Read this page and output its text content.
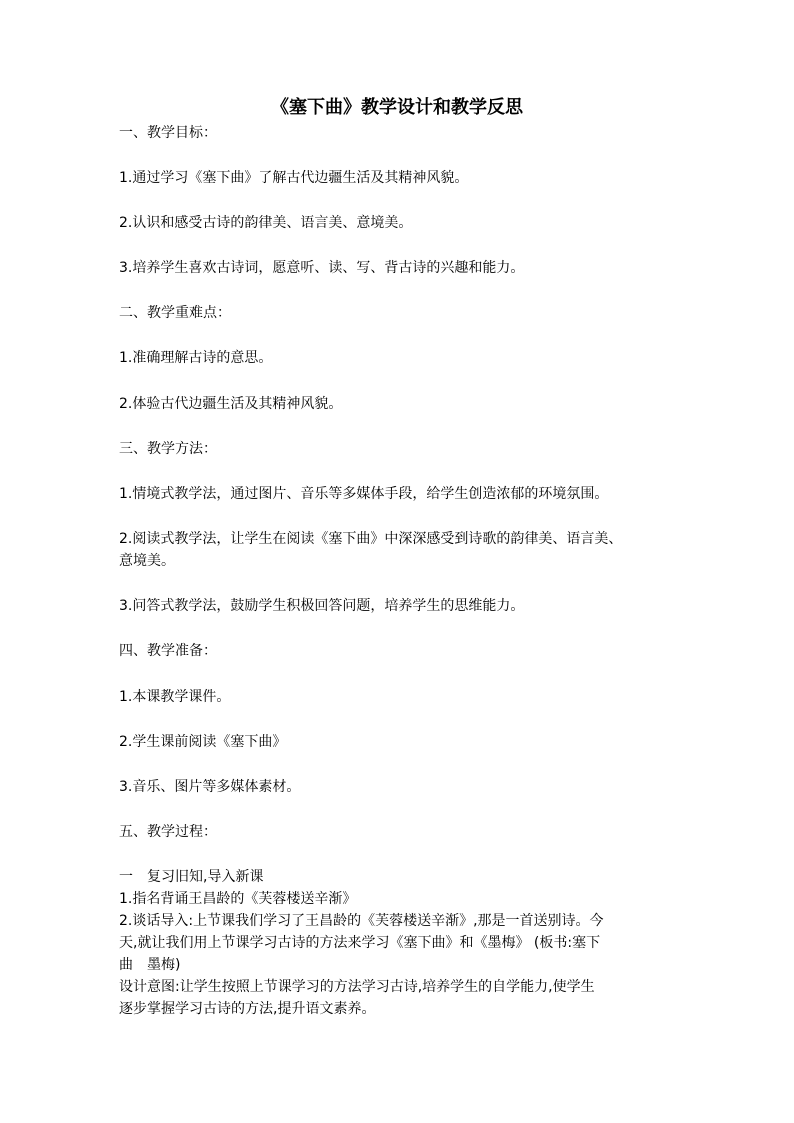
《塞下曲》教学设计和教学反思
一、教学目标：
1.通过学习《塞下曲》了解古代边疆生活及其精神风貌。
2.认识和感受古诗的韵律美、语言美、意境美。
3.培养学生喜欢古诗词，愿意听、读、写、背古诗的兴趣和能力。
二、教学重难点：
1.准确理解古诗的意思。
2.体验古代边疆生活及其精神风貌。
三、教学方法：
1.情境式教学法，通过图片、音乐等多媒体手段，给学生创造浓郁的环境氛围。
2.阅读式教学法，让学生在阅读《塞下曲》中深深感受到诗歌的韵律美、语言美、
意境美。
3.问答式教学法，鼓励学生积极回答问题，培养学生的思维能力。
四、教学准备：
1.本课教学课件。
2.学生课前阅读《塞下曲》
3.音乐、图片等多媒体素材。
五、教学过程：
一　复习旧知,导入新课
1.指名背诵王昌龄的《芙蓉楼送辛渐》
2.谈话导入:上节课我们学习了王昌龄的《芙蓉楼送辛渐》,那是一首送别诗。今
天,就让我们用上节课学习古诗的方法来学习《塞下曲》和《墨梅》 (板书:塞下
曲　墨梅)
设计意图:让学生按照上节课学习的方法学习古诗,培养学生的自学能力,使学生
逐步掌握学习古诗的方法,提升语文素养。
